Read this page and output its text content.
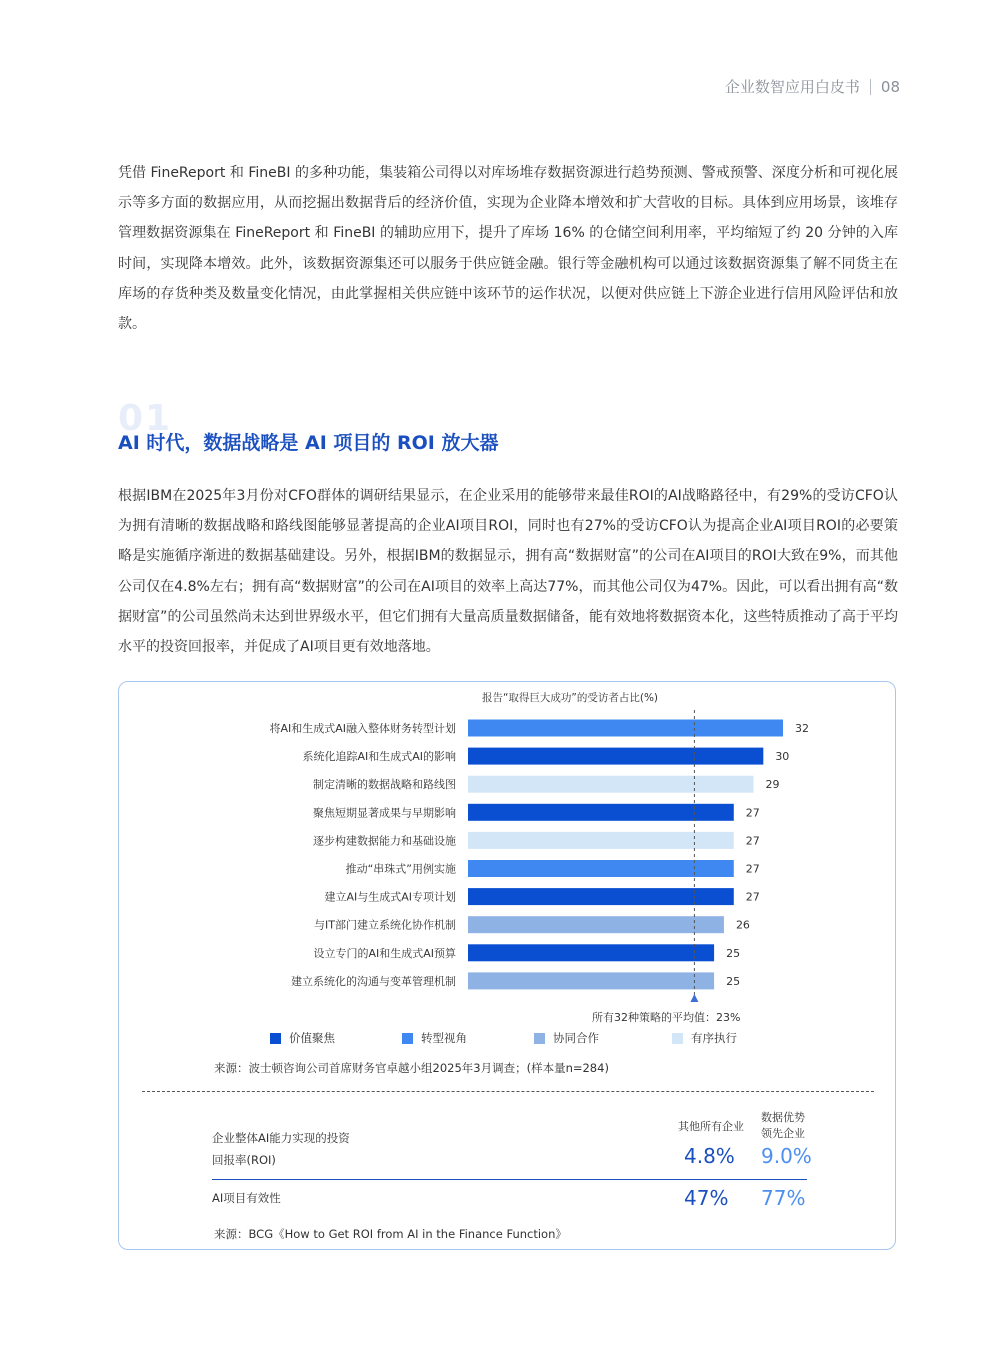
企业数智应用白皮书 08

凭借 FineReport 和 FineBI 的多种功能，集装箱公司得以对库场堆存数据资源进行趋势预测、警戒预警、深度分析和可视化展示等多方面的数据应用，从而挖掘出数据背后的经济价值，实现为企业降本增效和扩大营收的目标。具体到应用场景，该堆存管理数据资源集在 FineReport 和 FineBI 的辅助应用下，提升了库场 16% 的仓储空间利用率，平均缩短了约 20 分钟的入库时间，实现降本增效。此外，该数据资源集还可以服务于供应链金融。银行等金融机构可以通过该数据资源集了解不同货主在库场的存货种类及数量变化情况，由此掌握相关供应链中该环节的运作状况，以便对供应链上下游企业进行信用风险评估和放款。

01
AI 时代，数据战略是 AI 项目的 ROI 放大器

根据IBM在2025年3月份对CFO群体的调研结果显示，在企业采用的能够带来最佳ROI的AI战略路径中，有29%的受访CFO认为拥有清晰的数据战略和路线图能够显著提高的企业AI项目ROI，同时也有27%的受访CFO认为提高企业AI项目ROI的必要策略是实施循序渐进的数据基础建设。另外，根据IBM的数据显示，拥有高“数据财富”的公司在AI项目的ROI大致在9%，而其他公司仅在4.8%左右；拥有高“数据财富”的公司在AI项目的效率上高达77%，而其他公司仅为47%。因此，可以看出拥有高“数据财富”的公司虽然尚未达到世界级水平，但它们拥有大量高质量数据储备，能有效地将数据资本化，这些特质推动了高于平均水平的投资回报率，并促成了AI项目更有效地落地。

报告“取得巨大成功”的受访者占比(%)
将AI和生成式AI融入整体财务转型计划	32
系统化追踪AI和生成式AI的影响	30
制定清晰的数据战略和路线图	29
聚焦短期显著成果与早期影响	27
逐步构建数据能力和基础设施	27
推动“串珠式”用例实施	27
建立AI与生成式AI专项计划	27
与IT部门建立系统化协作机制	26
设立专门的AI和生成式AI预算	25
建立系统化的沟通与变革管理机制	25
所有32种策略的平均值：23%
价值聚焦	转型视角	协同合作	有序执行
来源：波士顿咨询公司首席财务官卓越小组2025年3月调查；(样本量n=284)
其他所有企业
数据优势领先企业
企业整体AI能力实现的投资回报率(ROI)	4.8% 9.0%
AI项目有效性	47% 77%
来源：BCG《How to Get ROI from AI in the Finance Function》
